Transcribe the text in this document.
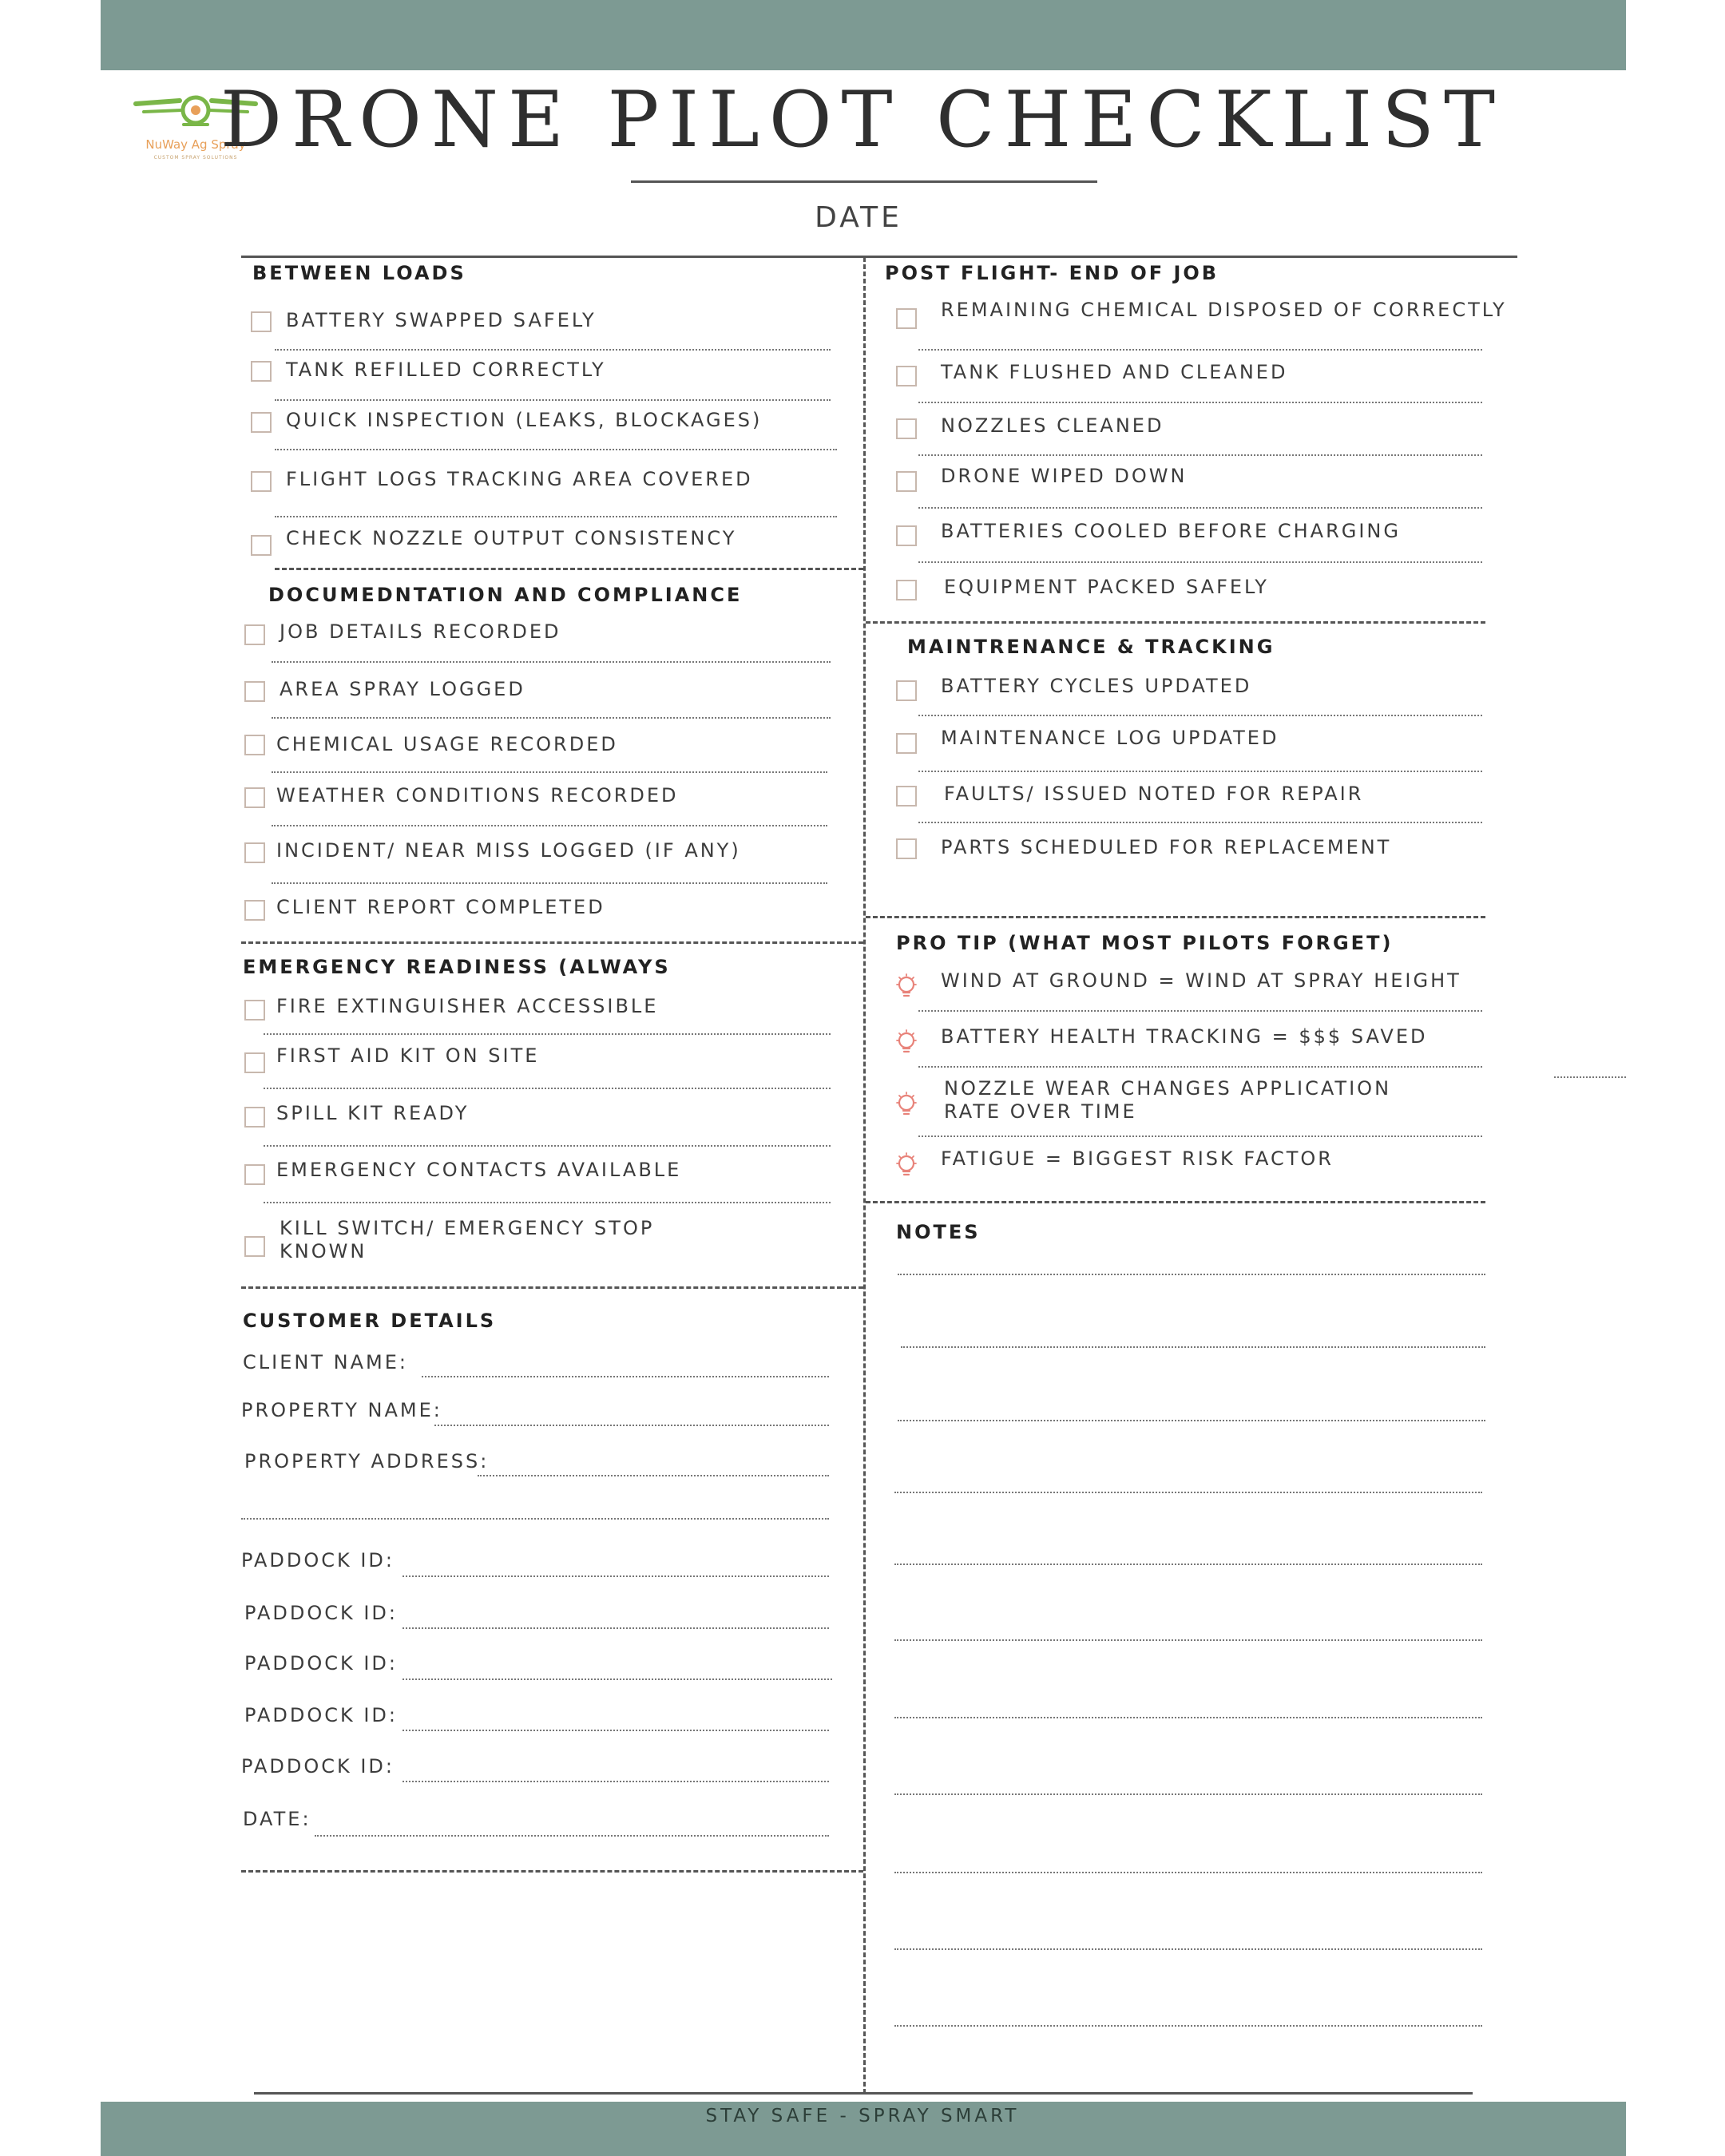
NuWay Ag Spray
CUSTOM SPRAY SOLUTIONS
DRONE PILOT CHECKLIST
DATE
BETWEEN LOADS
BATTERY SWAPPED SAFELY
TANK REFILLED CORRECTLY
QUICK INSPECTION (LEAKS, BLOCKAGES)
FLIGHT LOGS TRACKING AREA COVERED
CHECK NOZZLE OUTPUT CONSISTENCY
DOCUMEDNTATION AND COMPLIANCE
JOB DETAILS RECORDED
AREA SPRAY LOGGED
CHEMICAL USAGE RECORDED
WEATHER CONDITIONS RECORDED
INCIDENT/ NEAR MISS LOGGED (IF ANY)
CLIENT REPORT COMPLETED
EMERGENCY READINESS (ALWAYS
FIRE EXTINGUISHER ACCESSIBLE
FIRST AID KIT ON SITE
SPILL KIT READY
EMERGENCY CONTACTS AVAILABLE
KILL SWITCH/ EMERGENCY STOP KNOWN
CUSTOMER DETAILS
CLIENT NAME:
PROPERTY NAME:
PROPERTY ADDRESS:
PADDOCK ID:
PADDOCK ID:
PADDOCK ID:
PADDOCK ID:
PADDOCK ID:
DATE:
POST FLIGHT- END OF JOB
REMAINING CHEMICAL DISPOSED OF CORRECTLY
TANK FLUSHED AND CLEANED
NOZZLES CLEANED
DRONE WIPED DOWN
BATTERIES COOLED BEFORE CHARGING
EQUIPMENT PACKED SAFELY
MAINTRENANCE & TRACKING
BATTERY CYCLES UPDATED
MAINTENANCE LOG UPDATED
FAULTS/ ISSUED NOTED FOR REPAIR
PARTS SCHEDULED FOR REPLACEMENT
PRO TIP (WHAT MOST PILOTS FORGET)
WIND AT GROUND = WIND AT SPRAY HEIGHT
BATTERY HEALTH TRACKING = $$$ SAVED
NOZZLE WEAR CHANGES APPLICATION RATE OVER TIME
FATIGUE = BIGGEST RISK FACTOR
NOTES
STAY SAFE - SPRAY SMART
